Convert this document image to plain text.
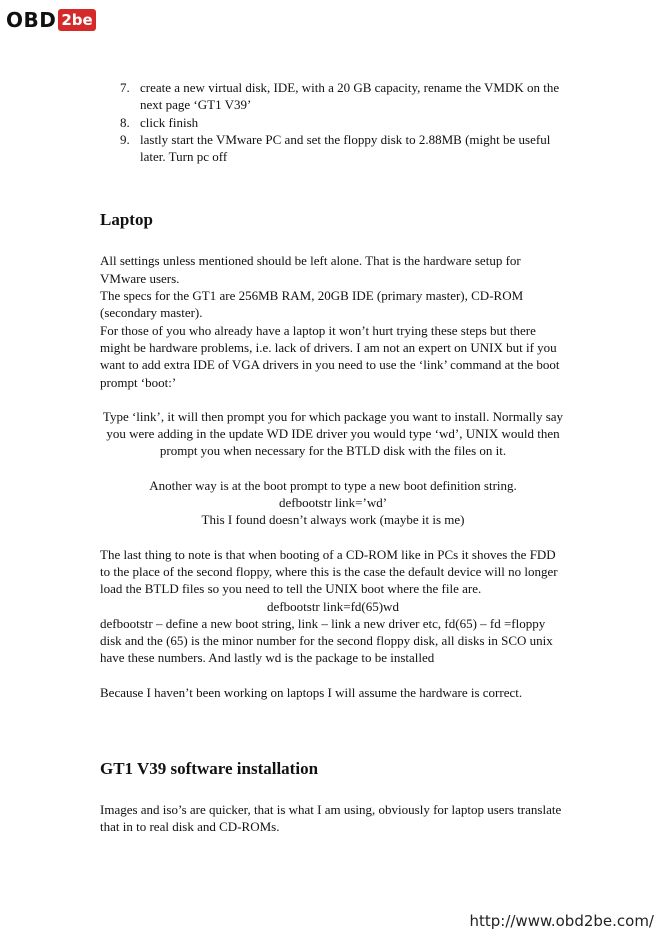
OBD 2be
7. create a new virtual disk, IDE, with a 20 GB capacity, rename the VMDK on the next page ‘GT1 V39’
8. click finish
9. lastly start the VMware PC and set the floppy disk to 2.88MB (might be useful later. Turn pc off
Laptop

All settings unless mentioned should be left alone. That is the hardware setup for VMware users.

The specs for the GT1 are 256MB RAM, 20GB IDE (primary master), CD-ROM (secondary master).

For those of you who already have a laptop it won’t hurt trying these steps but there might be hardware problems, i.e. lack of drivers. I am not an expert on UNIX but if you want to add extra IDE of VGA drivers in you need to use the ‘link’ command at the boot prompt ‘boot:’

Type ‘link’, it will then prompt you for which package you want to install. Normally say you were adding in the update WD IDE driver you would type ‘wd’, UNIX would then prompt you when necessary for the BTLD disk with the files on it.

Another way is at the boot prompt to type a new boot definition string.

defbootstr link=’wd’

This I found doesn’t always work (maybe it is me)

The last thing to note is that when booting of a CD-ROM like in PCs it shoves the FDD to the place of the second floppy, where this is the case the default device will no longer load the BTLD files so you need to tell the UNIX boot where the file are.

defbootstr link=fd(65)wd

defbootstr – define a new boot string, link – link a new driver etc, fd(65) – fd =floppy disk and the (65) is the minor number for the second floppy disk, all disks in SCO unix have these numbers. And lastly wd is the package to be installed

Because I haven’t been working on laptops I will assume the hardware is correct.

GT1 V39 software installation

Images and iso’s are quicker, that is what I am using, obviously for laptop users translate that in to real disk and CD-ROMs.

http://www.obd2be.com/
